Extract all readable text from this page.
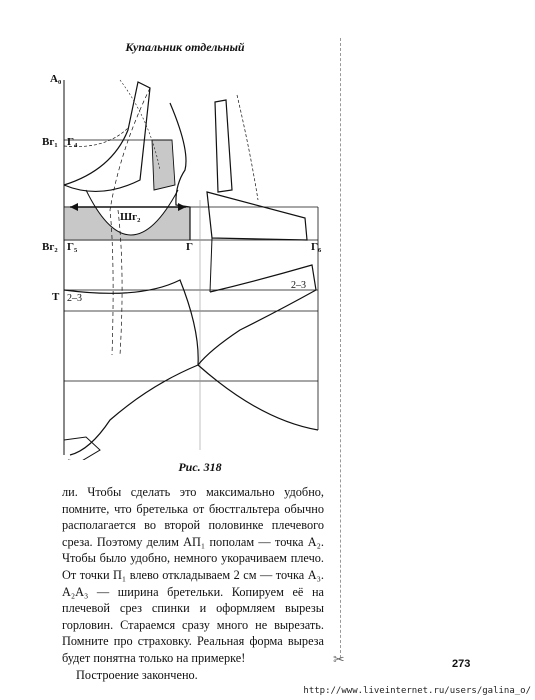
Купальник отдельный
А₀
Вг₁ Г₄
Шг₂
Вг₂ Г₅	Г	Г₆
Т 2–3
2–3
Рис. 318

ли. Чтобы сделать это максимально удобно, помните, что бретелька от бюстгальтера обычно располагается во второй половинке плечевого среза. Поэтому делим АП₁ пополам — точка А₂. Чтобы было удобно, немного укорачиваем плечо. От точки П₁ влево откладываем 2 см — точка А₃. А₂А₃ — ширина бретельки. Копируем её на плечевой срез спинки и оформляем вырезы горловин. Стараемся сразу много не вырезать. Помните про страховку. Реальная форма выреза будет понятна только на примерке!

Построение закончено.

✂	273
http://www.liveinternet.ru/users/galina_o/
